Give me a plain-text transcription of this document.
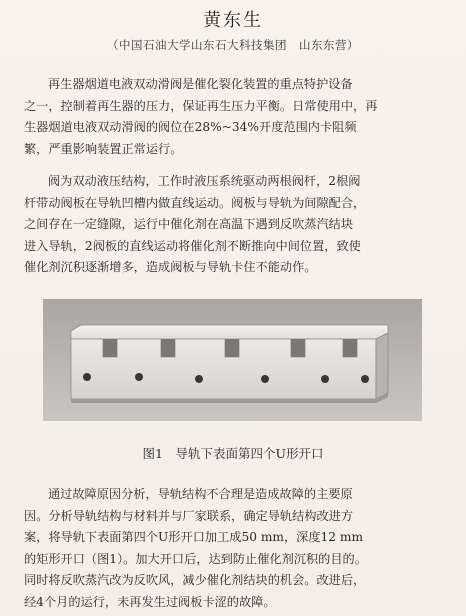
黄东生
（中国石油大学山东石大科技集团　山东东营）
再生器烟道电液双动滑阀是催化裂化装置的重点特护设备
之一，控制着再生器的压力，保证再生压力平衡。日常使用中，再
生器烟道电液双动滑阀的阀位在28%~34%开度范围内卡阻频
繁，严重影响装置正常运行。
阀为双动液压结构，工作时液压系统驱动两根阀杆，2根阀
杆带动阀板在导轨凹槽内做直线运动。阀板与导轨为间隙配合，
之间存在一定缝隙，运行中催化剂在高温下遇到反吹蒸汽结块
进入导轨，2阀板的直线运动将催化剂不断推向中间位置，致使
催化剂沉积逐渐增多，造成阀板与导轨卡住不能动作。
图1　导轨下表面第四个U形开口
通过故障原因分析，导轨结构不合理是造成故障的主要原
因。分析导轨结构与材料并与厂家联系，确定导轨结构改进方
案，将导轨下表面第四个U形开口加工成50 mm，深度12 mm
的矩形开口（图1）。加大开口后，达到防止催化剂沉积的目的。
同时将反吹蒸汽改为反吹风，减少催化剂结块的机会。改进后，
经4个月的运行，未再发生过阀板卡涩的故障。
